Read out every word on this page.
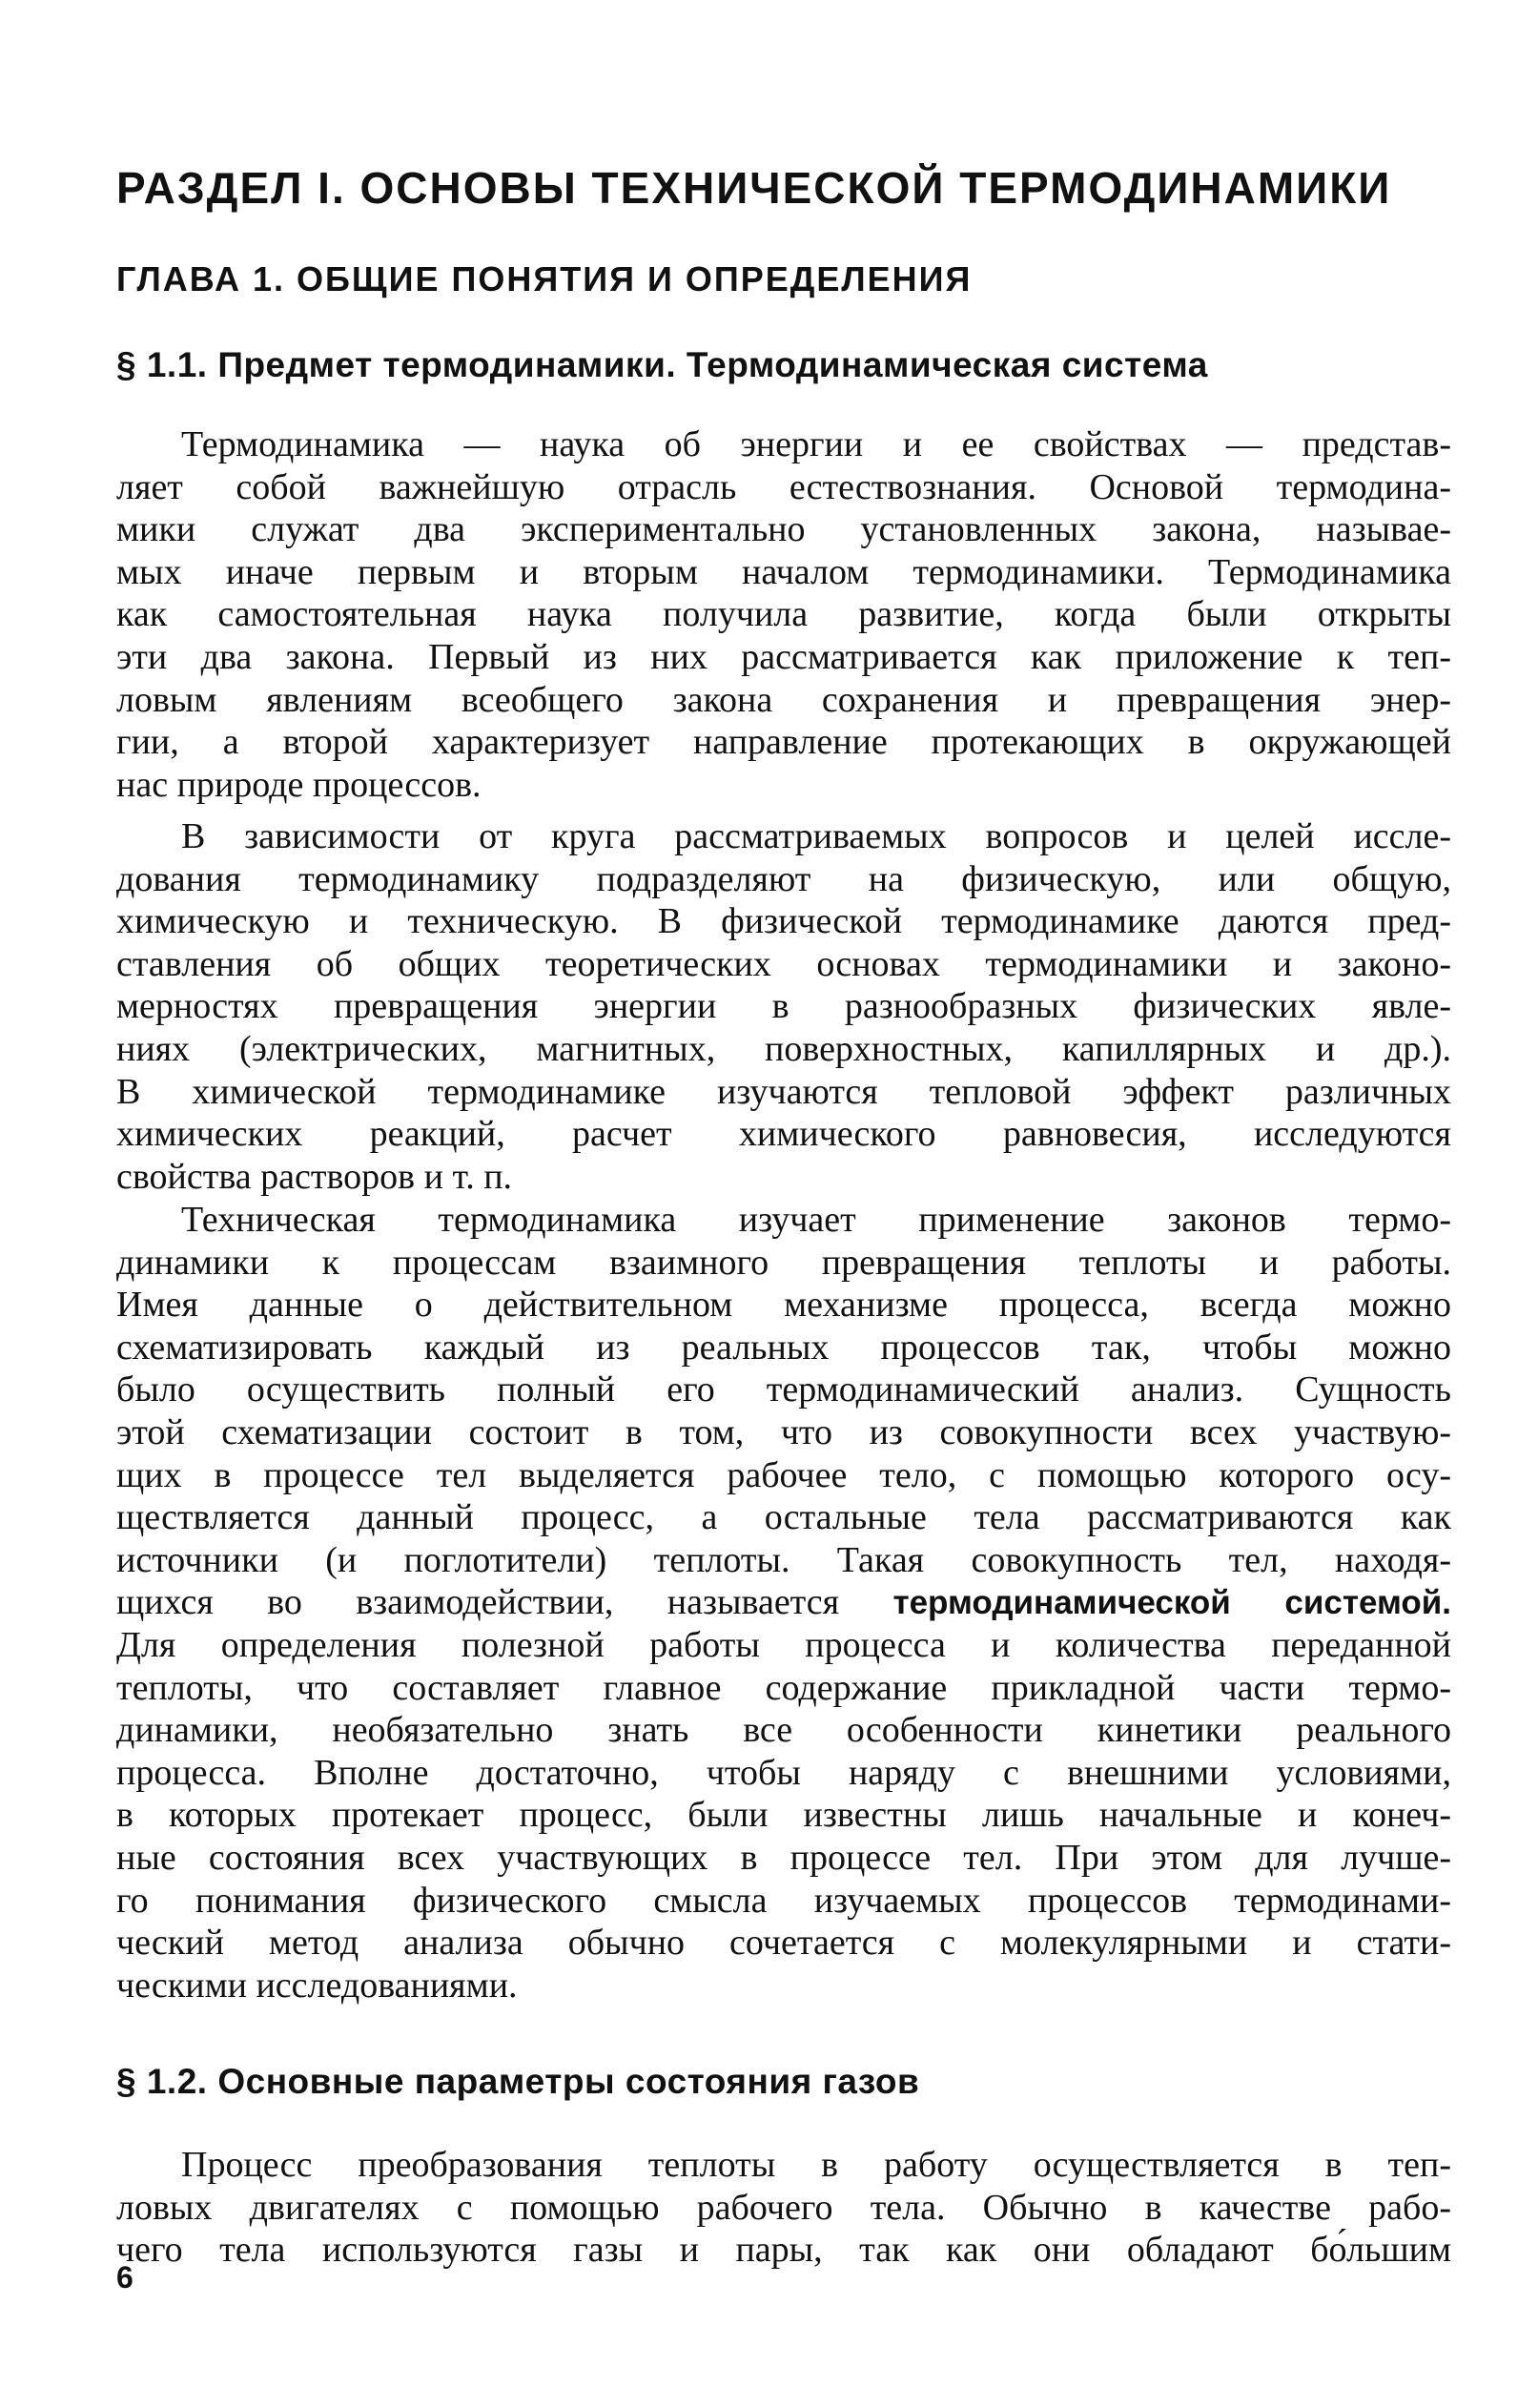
РАЗДЕЛ I. ОСНОВЫ ТЕХНИЧЕСКОЙ ТЕРМОДИНАМИКИ
ГЛАВА 1. ОБЩИЕ ПОНЯТИЯ И ОПРЕДЕЛЕНИЯ
§ 1.1. Предмет термодинамики. Термодинамическая система
Термодинамика — наука об энергии и ее свойствах — представ-
ляет собой важнейшую отрасль естествознания. Основой термодина-
мики служат два экспериментально установленных закона, называе-
мых иначе первым и вторым началом термодинамики. Термодинамика
как самостоятельная наука получила развитие, когда были открыты
эти два закона. Первый из них рассматривается как приложение к теп-
ловым явлениям всеобщего закона сохранения и превращения энер-
гии, а второй характеризует направление протекающих в окружающей
нас природе процессов.
В зависимости от круга рассматриваемых вопросов и целей иссле-
дования термодинамику подразделяют на физическую, или общую,
химическую и техническую. В физической термодинамике даются пред-
ставления об общих теоретических основах термодинамики и законо-
мерностях превращения энергии в разнообразных физических явле-
ниях (электрических, магнитных, поверхностных, капиллярных и др.).
В химической термодинамике изучаются тепловой эффект различных
химических реакций, расчет химического равновесия, исследуются
свойства растворов и т. п.
Техническая термодинамика изучает применение законов термо-
динамики к процессам взаимного превращения теплоты и работы.
Имея данные о действительном механизме процесса, всегда можно
схематизировать каждый из реальных процессов так, чтобы можно
было осуществить полный его термодинамический анализ. Сущность
этой схематизации состоит в том, что из совокупности всех участвую-
щих в процессе тел выделяется рабочее тело, с помощью которого осу-
ществляется данный процесс, а остальные тела рассматриваются как
источники (и поглотители) теплоты. Такая совокупность тел, находя-
щихся во взаимодействии, называется термодинамической системой.
Для определения полезной работы процесса и количества переданной
теплоты, что составляет главное содержание прикладной части термо-
динамики, необязательно знать все особенности кинетики реального
процесса. Вполне достаточно, чтобы наряду с внешними условиями,
в которых протекает процесс, были известны лишь начальные и конеч-
ные состояния всех участвующих в процессе тел. При этом для лучше-
го понимания физического смысла изучаемых процессов термодинами-
ческий метод анализа обычно сочетается с молекулярными и стати-
ческими исследованиями.
§ 1.2. Основные параметры состояния газов
Процесс преобразования теплоты в работу осуществляется в теп-
ловых двигателях с помощью рабочего тела. Обычно в качестве рабо-
чего тела используются газы и пары, так как они обладают бо́льшим
6
